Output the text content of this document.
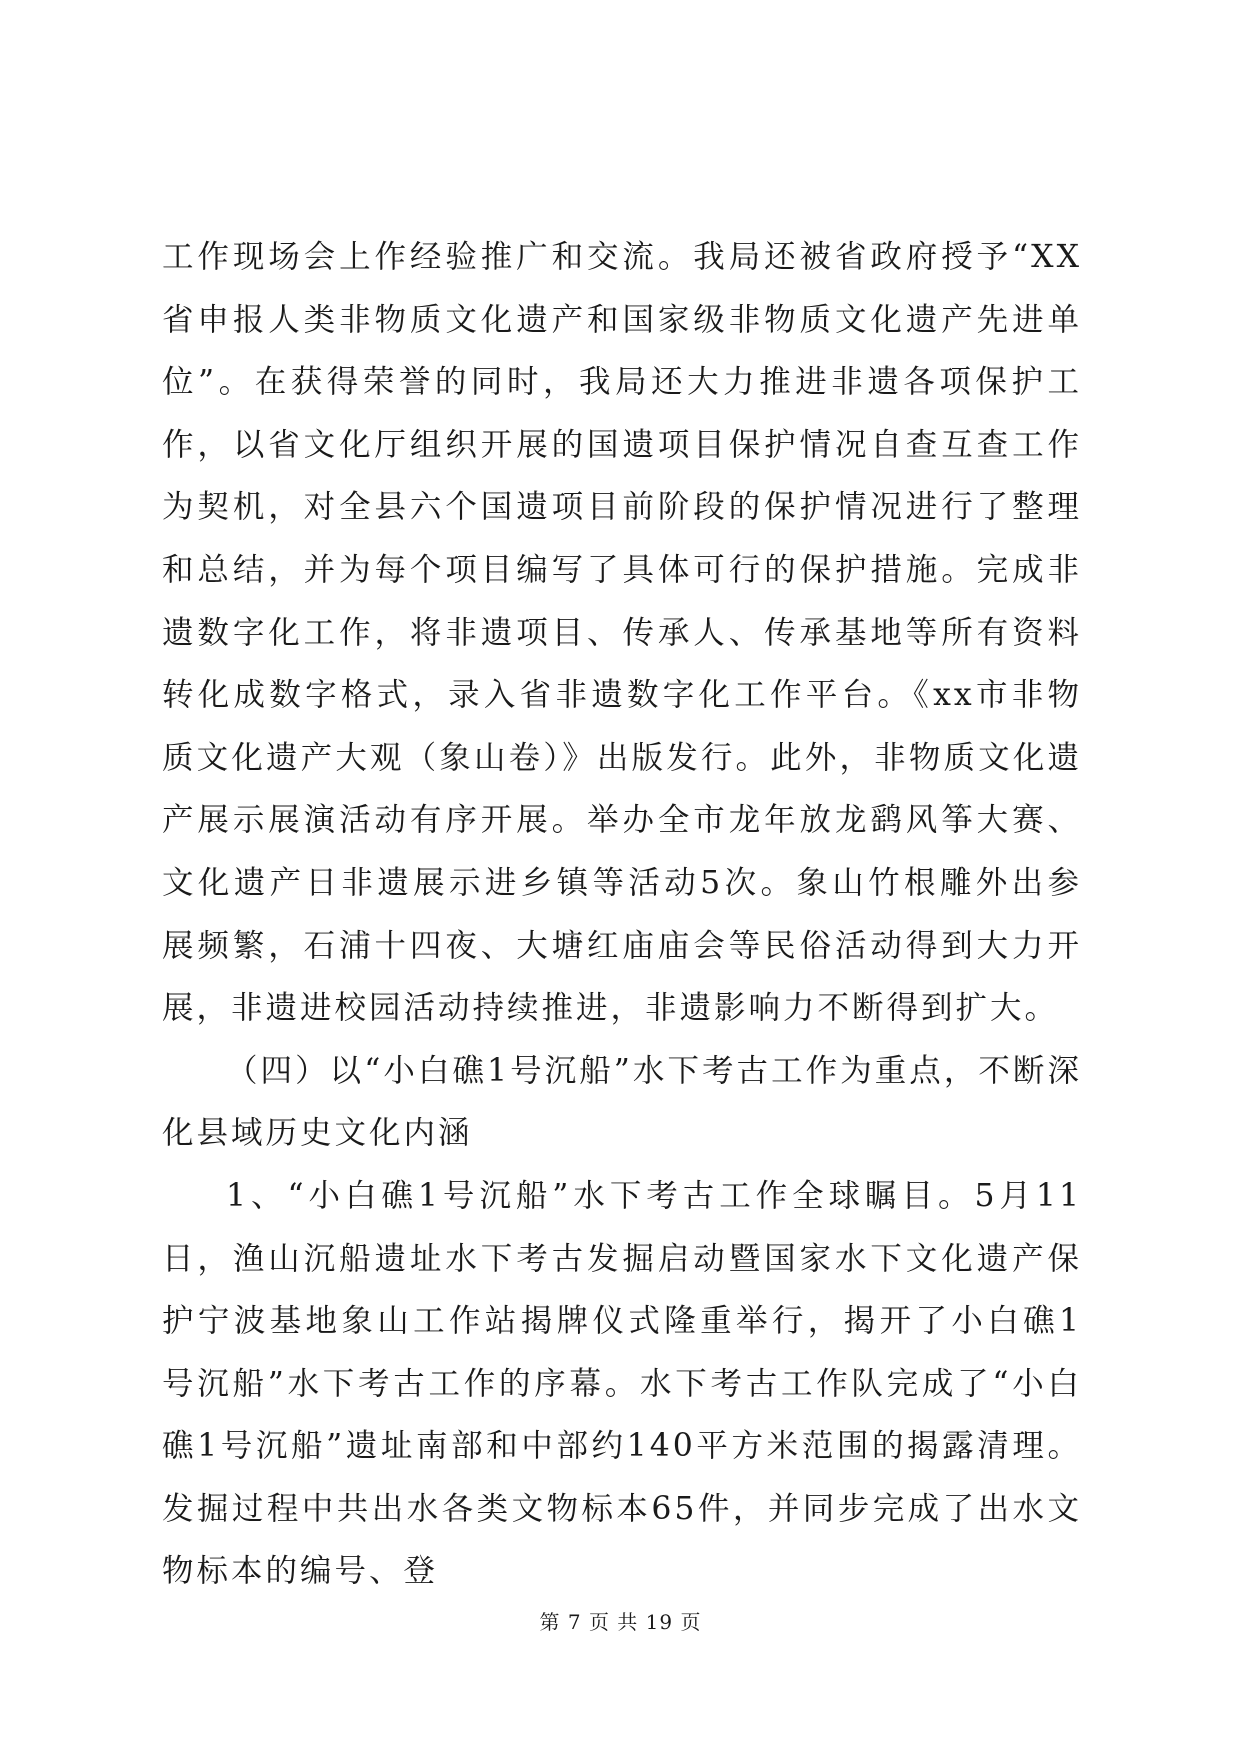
工作现场会上作经验推广和交流。我局还被省政府授予“XX省申报人类非物质文化遗产和国家级非物质文化遗产先进单位”。在获得荣誉的同时，我局还大力推进非遗各项保护工作，以省文化厅组织开展的国遗项目保护情况自查互查工作为契机，对全县六个国遗项目前阶段的保护情况进行了整理和总结，并为每个项目编写了具体可行的保护措施。完成非遗数字化工作，将非遗项目、传承人、传承基地等所有资料转化成数字格式，录入省非遗数字化工作平台。《xx市非物质文化遗产大观（象山卷）》出版发行。此外，非物质文化遗产展示展演活动有序开展。举办全市龙年放龙鹞风筝大赛、文化遗产日非遗展示进乡镇等活动5次。象山竹根雕外出参展频繁，石浦十四夜、大塘红庙庙会等民俗活动得到大力开展，非遗进校园活动持续推进，非遗影响力不断得到扩大。

（四）以“小白礁1号沉船”水下考古工作为重点，不断深化县域历史文化内涵

1、“小白礁1号沉船”水下考古工作全球瞩目。5月11日，渔山沉船遗址水下考古发掘启动暨国家水下文化遗产保护宁波基地象山工作站揭牌仪式隆重举行，揭开了小白礁1号沉船”水下考古工作的序幕。水下考古工作队完成了“小白礁1号沉船”遗址南部和中部约140平方米范围的揭露清理。发掘过程中共出水各类文物标本65件，并同步完成了出水文物标本的编号、登

第 7 页 共 19 页
